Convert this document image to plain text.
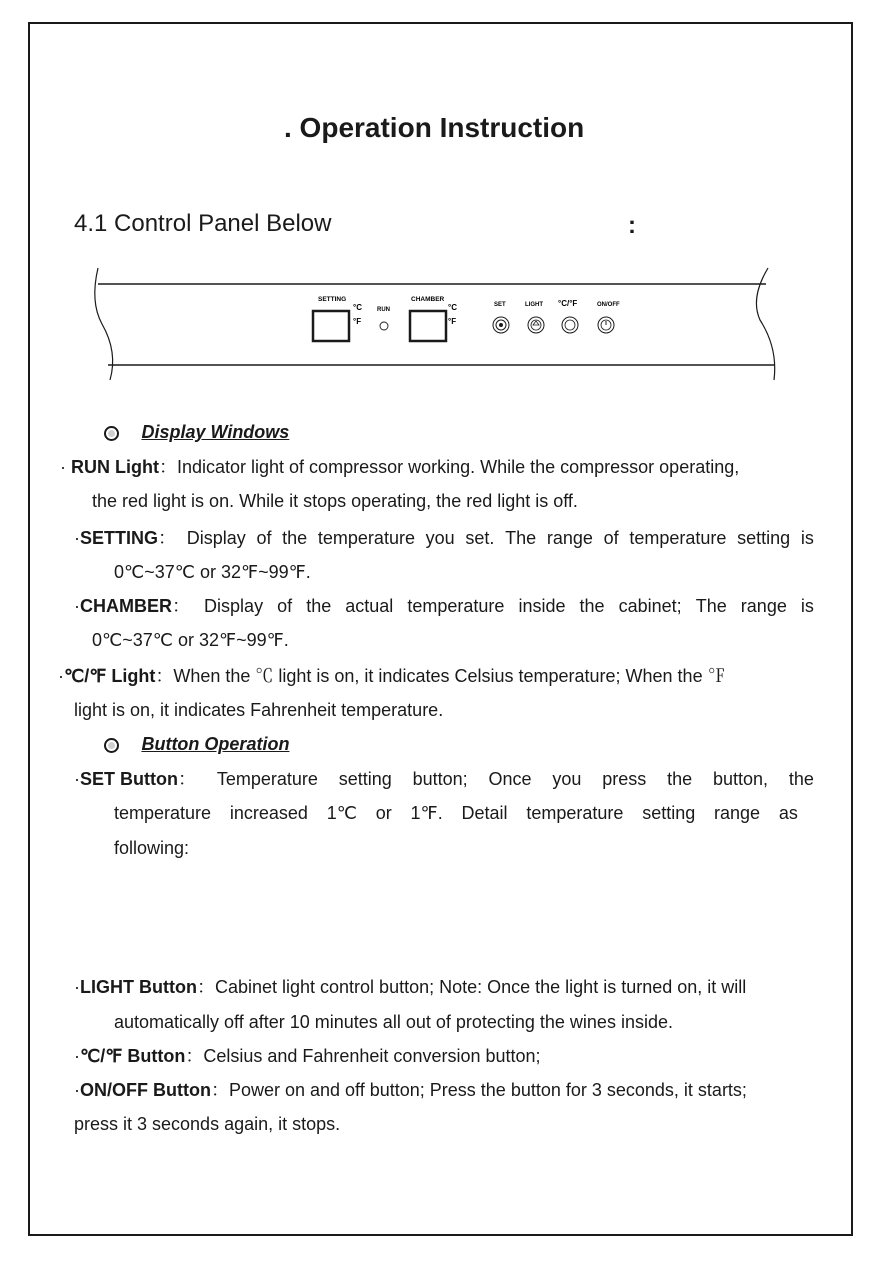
. Operation Instruction
4.1 Control Panel Below	:
SETTING
°C
°F
RUN
CHAMBER
°C
°F
SET	LIGHT °C/°F	ON/OFF
Display Windows
· RUN Light：Indicator light of compressor working. While the compressor operating,
the red light is on. While it stops operating, the red light is off.
·SETTING： Display of the temperature you set. The range of temperature setting is
0℃~37℃ or 32℉~99℉.
·CHAMBER： Display of the actual temperature inside the cabinet; The range is
0℃~37℃ or 32℉~99℉.
·℃/℉ Light：When the ℃ light is on, it indicates Celsius temperature; When the ℉
light is on, it indicates Fahrenheit temperature.
Button Operation
·SET Button： Temperature setting button; Once you press the button, the
temperature increased 1℃ or 1℉. Detail temperature setting range as
following:
·LIGHT Button：Cabinet light control button; Note: Once the light is turned on, it will
automatically off after 10 minutes all out of protecting the wines inside.
·℃/℉ Button：Celsius and Fahrenheit conversion button;
·ON/OFF Button：Power on and off button; Press the button for 3 seconds, it starts;
press it 3 seconds again, it stops.
